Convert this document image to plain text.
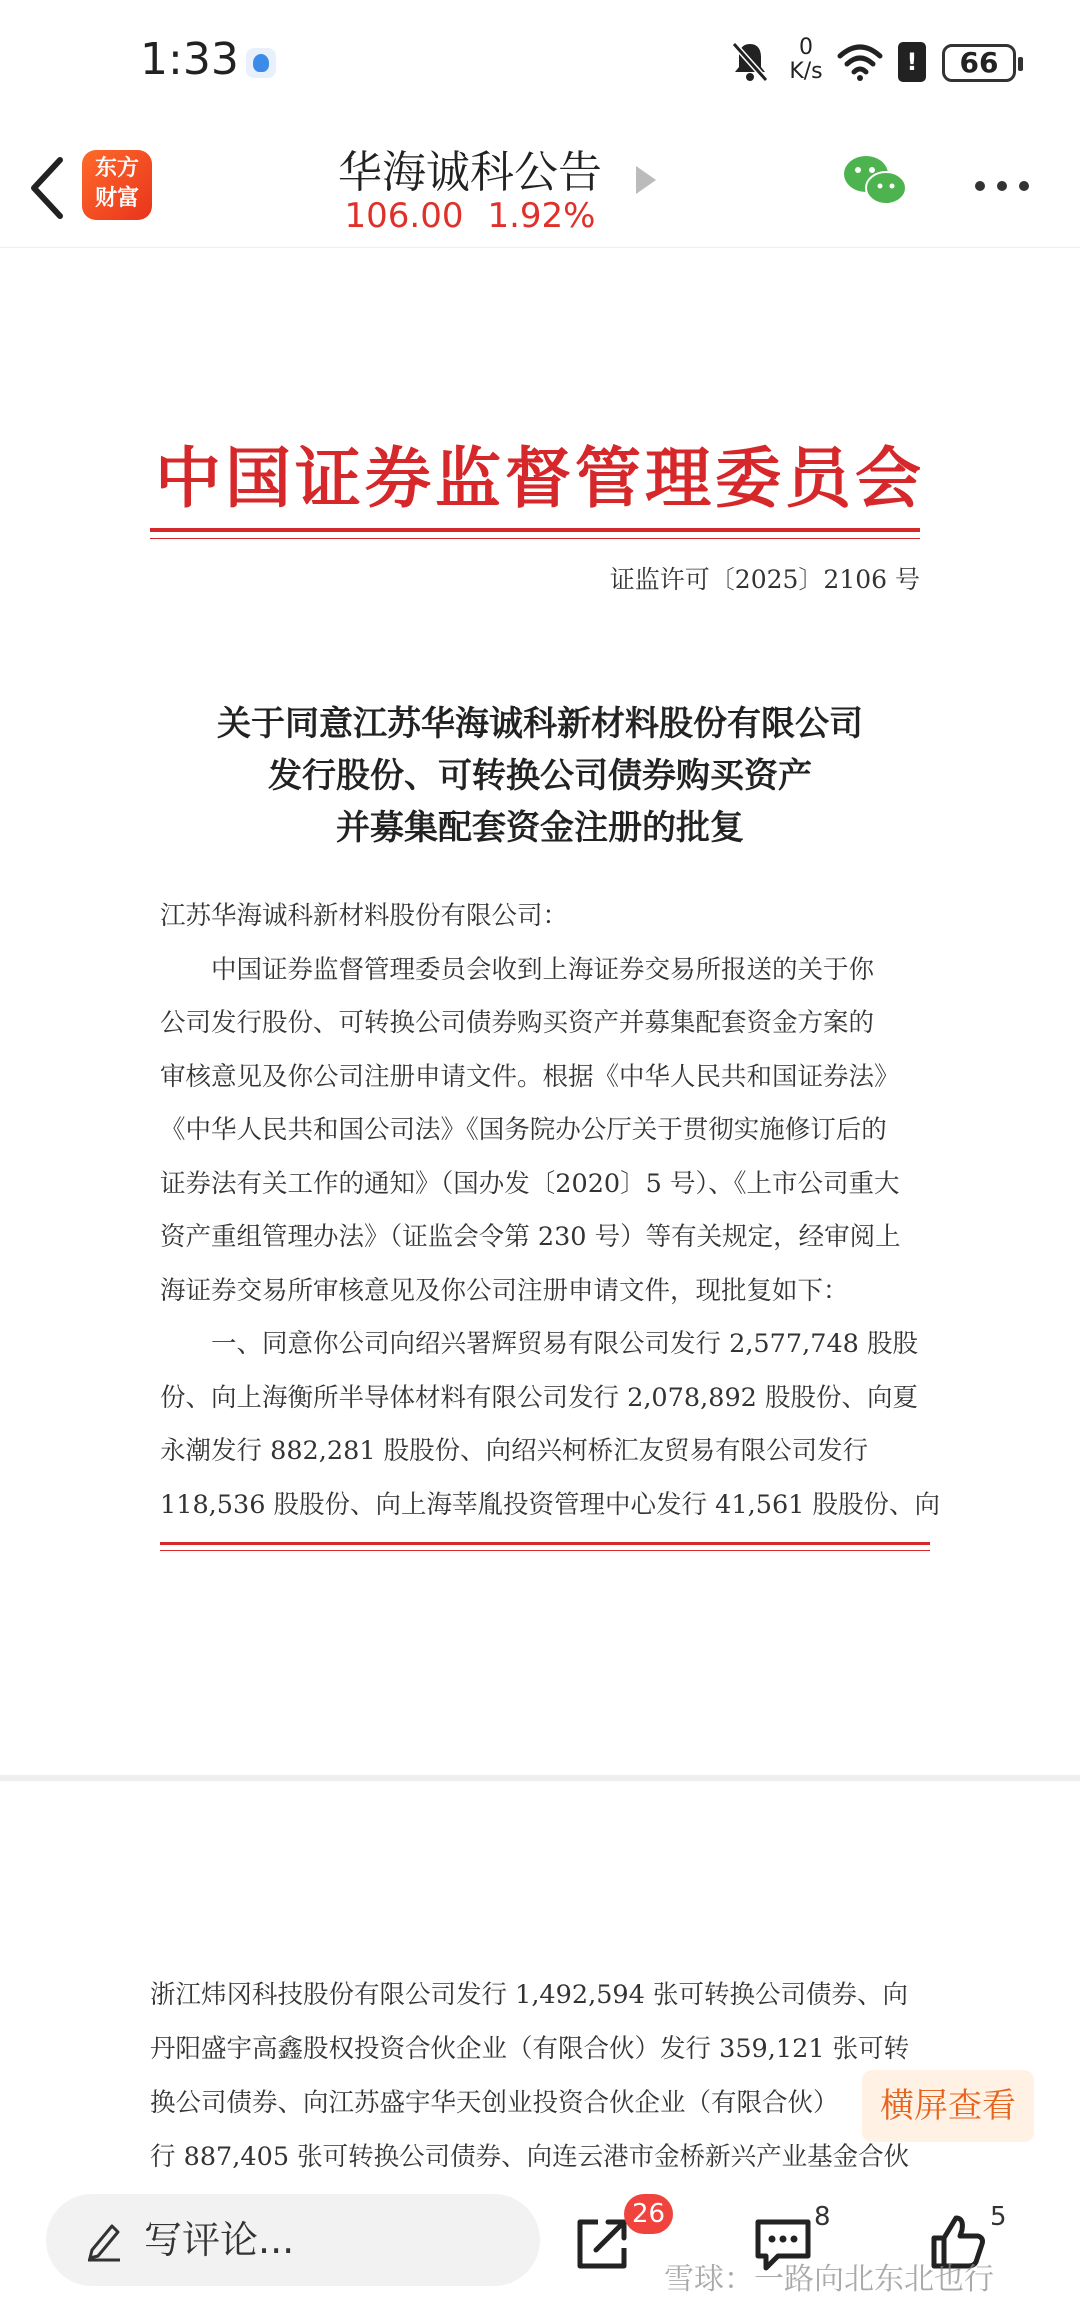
1:33	0
K/s	!	66
东方
财富
华海诚科公告
106.00 1.92%
中国证券监督管理委员会
证监许可〔2025〕2106 号
关于同意江苏华海诚科新材料股份有限公司
发行股份、可转换公司债券购买资产
并募集配套资金注册的批复
江苏华海诚科新材料股份有限公司：
　　中国证券监督管理委员会收到上海证券交易所报送的关于你
公司发行股份、可转换公司债券购买资产并募集配套资金方案的
审核意见及你公司注册申请文件。根据《中华人民共和国证券法》
《中华人民共和国公司法》《国务院办公厅关于贯彻实施修订后的
证券法有关工作的通知》（国办发〔2020〕5 号）、《上市公司重大
资产重组管理办法》（证监会令第 230 号）等有关规定，经审阅上
海证券交易所审核意见及你公司注册申请文件，现批复如下：
　　一、同意你公司向绍兴署辉贸易有限公司发行 2,577,748 股股
份、向上海衡所半导体材料有限公司发行 2,078,892 股股份、向夏
永潮发行 882,281 股股份、向绍兴柯桥汇友贸易有限公司发行
118,536 股股份、向上海莘胤投资管理中心发行 41,561 股股份、向
浙江炜冈科技股份有限公司发行 1,492,594 张可转换公司债券、向
丹阳盛宇高鑫股权投资合伙企业（有限合伙）发行 359,121 张可转
换公司债券、向江苏盛宇华天创业投资合伙企业（有限合伙）
行 887,405 张可转换公司债券、向连云港市金桥新兴产业基金合伙
横屏查看
写评论...
26	8	5
雪球：一路向北东北也行
